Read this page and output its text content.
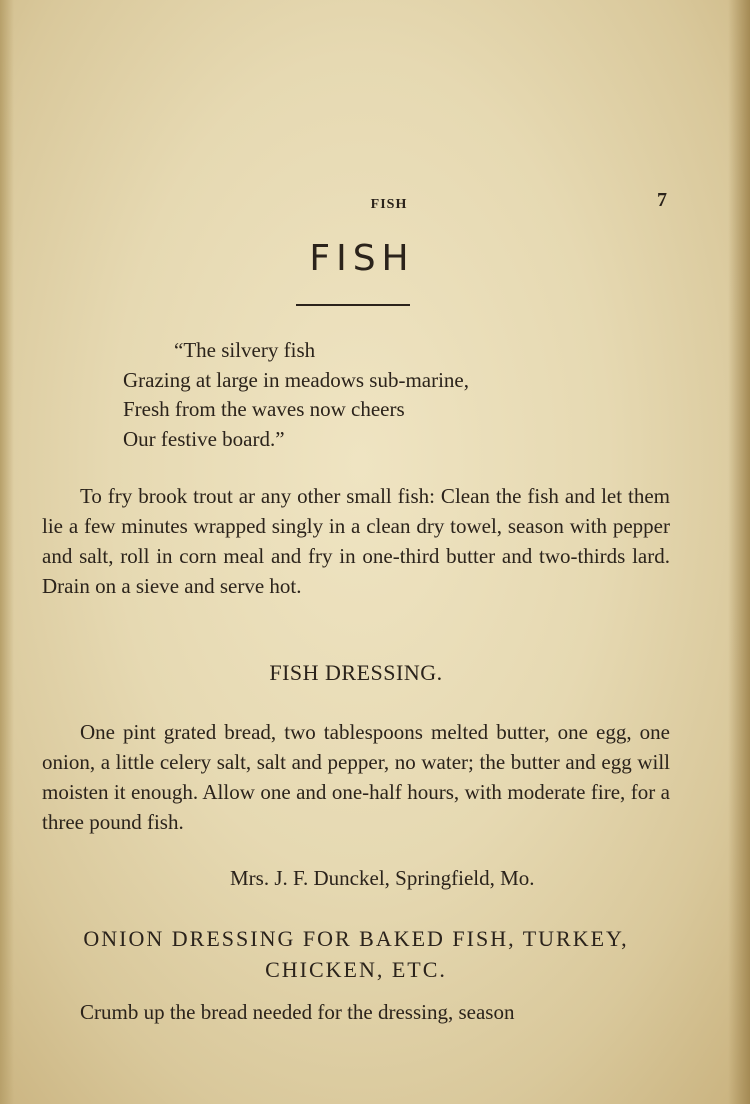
FISH	7
FISH
“The silvery fish
Grazing at large in meadows sub-marine,
Fresh from the waves now cheers
Our festive board.”

To fry brook trout ar any other small fish: Clean the fish and let them lie a few minutes wrapped singly in a clean dry towel, season with pepper and salt, roll in corn meal and fry in one-third butter and two-thirds lard. Drain on a sieve and serve hot.

FISH DRESSING.

One pint grated bread, two tablespoons melted butter, one egg, one onion, a little celery salt, salt and pepper, no water; the butter and egg will moisten it enough. Allow one and one-half hours, with moderate fire, for a three pound fish.

Mrs. J. F. Dunckel, Springfield, Mo.
ONION DRESSING FOR BAKED FISH, TURKEY, CHICKEN, ETC.

Crumb up the bread needed for the dressing, season
